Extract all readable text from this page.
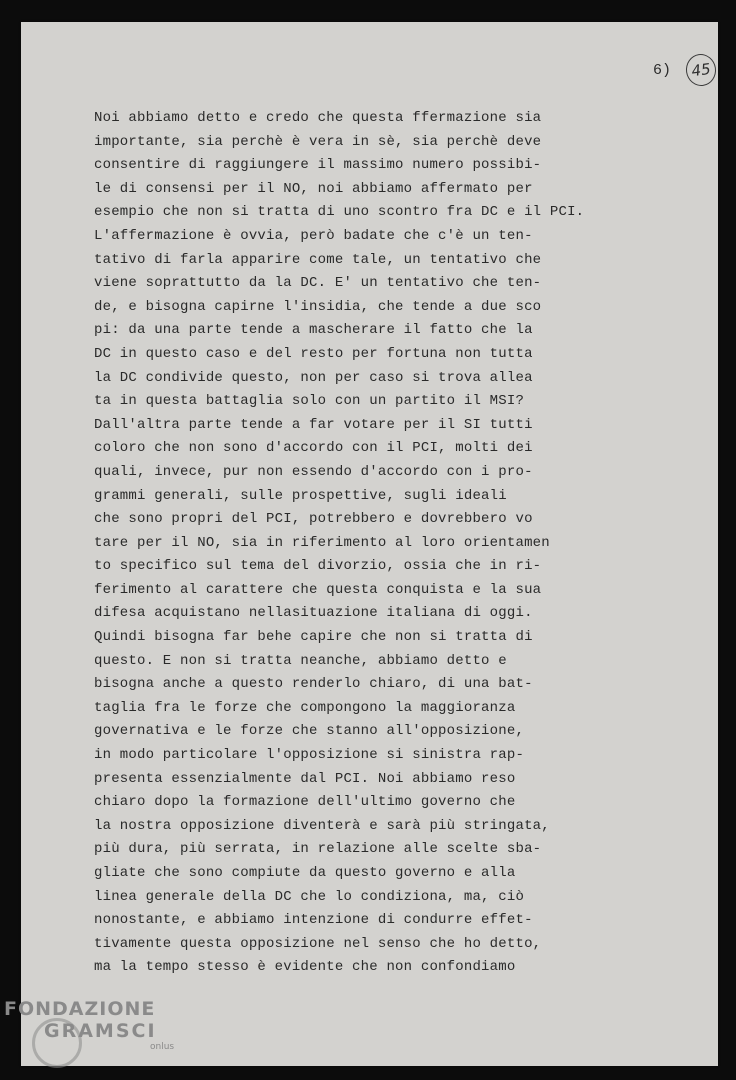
6)	45
Noi abbiamo detto e credo che questa ffermazione sia
importante, sia perchè è vera in sè, sia perchè deve
consentire di raggiungere il massimo numero possibi-
le di consensi per il NO, noi abbiamo affermato per
esempio che non si tratta di uno scontro fra DC e il PCI.
L'affermazione è ovvia, però badate che c'è un ten-
tativo di farla apparire come tale, un tentativo che
viene soprattutto da la DC. E' un tentativo che ten-
de, e bisogna capirne l'insidia, che tende a due sco
pi: da una parte tende a mascherare il fatto che la
DC in questo caso e del resto per fortuna non tutta
la DC condivide questo, non per caso si trova allea
ta in questa battaglia solo con un partito il MSI?
Dall'altra parte tende a far votare per il SI tutti
coloro che non sono d'accordo con il PCI, molti dei
quali, invece, pur non essendo d'accordo con i pro-
grammi generali, sulle prospettive, sugli ideali
che sono propri del PCI, potrebbero e dovrebbero vo
tare per il NO, sia in riferimento al loro orientamen
to specifico sul tema del divorzio, ossia che in ri-
ferimento al carattere che questa conquista e la sua
difesa acquistano nellasituazione italiana di oggi.
Quindi bisogna far behe capire che non si tratta di
questo. E non si tratta neanche, abbiamo detto e
bisogna anche a questo renderlo chiaro, di una bat-
taglia fra le forze che compongono la maggioranza
governativa e le forze che stanno all'opposizione,
in modo particolare l'opposizione si sinistra rap-
presenta essenzialmente dal PCI. Noi abbiamo reso
chiaro dopo la formazione dell'ultimo governo che
la nostra opposizione diventerà e sarà più stringata,
più dura, più serrata, in relazione alle scelte sba-
gliate che sono compiute da questo governo e alla
linea generale della DC che lo condiziona, ma, ciò
nonostante, e abbiamo intenzione di condurre effet-
tivamente questa opposizione nel senso che ho detto,
ma la tempo stesso è evidente che non confondiamo
FONDAZIONE
GRAMSCI
onlus
